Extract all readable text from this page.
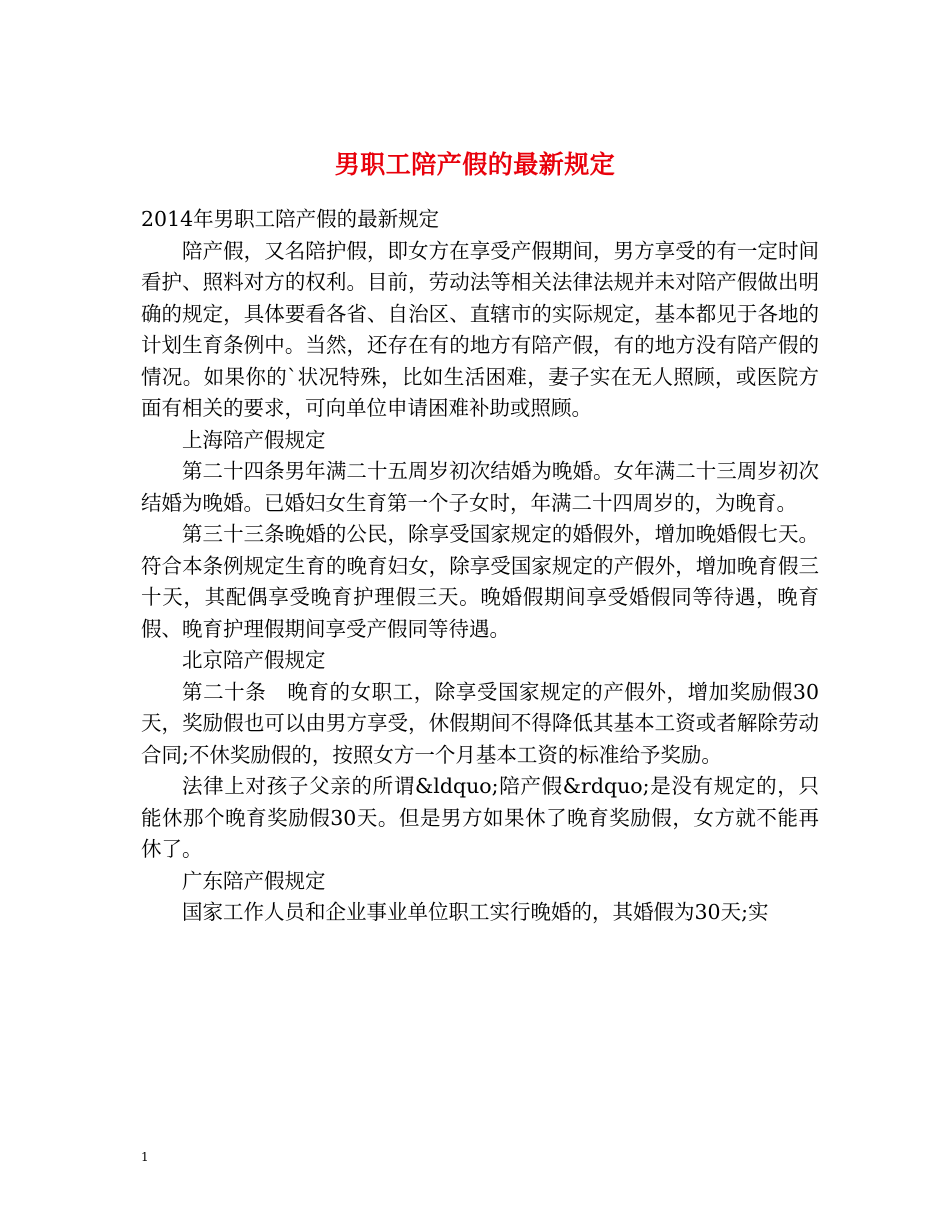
男职工陪产假的最新规定

2014年男职工陪产假的最新规定

陪产假，又名陪护假，即女方在享受产假期间，男方享受的有一定时间看护、照料对方的权利。目前，劳动法等相关法律法规并未对陪产假做出明确的规定，具体要看各省、自治区、直辖市的实际规定，基本都见于各地的计划生育条例中。当然，还存在有的地方有陪产假，有的地方没有陪产假的情况。如果你的`状况特殊，比如生活困难，妻子实在无人照顾，或医院方面有相关的要求，可向单位申请困难补助或照顾。

上海陪产假规定

第二十四条男年满二十五周岁初次结婚为晚婚。女年满二十三周岁初次结婚为晚婚。已婚妇女生育第一个子女时，年满二十四周岁的，为晚育。

第三十三条晚婚的公民，除享受国家规定的婚假外，增加晚婚假七天。符合本条例规定生育的晚育妇女，除享受国家规定的产假外，增加晚育假三十天，其配偶享受晚育护理假三天。晚婚假期间享受婚假同等待遇，晚育假、晚育护理假期间享受产假同等待遇。

北京陪产假规定

第二十条　晚育的女职工，除享受国家规定的产假外，增加奖励假30天，奖励假也可以由男方享受，休假期间不得降低其基本工资或者解除劳动合同;不休奖励假的，按照女方一个月基本工资的标准给予奖励。

法律上对孩子父亲的所谓&ldquo;陪产假&rdquo;是没有规定的，只能休那个晚育奖励假30天。但是男方如果休了晚育奖励假，女方就不能再休了。

广东陪产假规定

国家工作人员和企业事业单位职工实行晚婚的，其婚假为30天;实

1
